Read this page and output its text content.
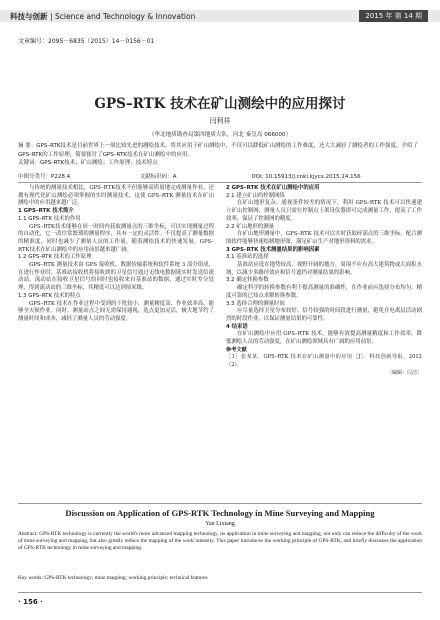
科技与创新 | Science and Technology & Innovation	2015 年 第 14 期
文章编号：2095－6835（2015）14－0156－01
GPS–RTK 技术在矿山测绘中的应用探讨
闫利祥
（华北地质勘查局第四地质大队，河北 秦皇岛 066000）
摘 要：GPS–RTK技术是目前世界上一项比较先进的测绘技术，将其应用于矿山测绘中，不仅可以降低矿山测绘的工作难度，还大大减轻了测绘者的工作强度，介绍了GPS–RTK的工作原理，简要探讨了GPS–RTK技术在矿山测绘中的应用。
关键词：GPS–RTK技术；矿山测绘；工作原理；技术特点
中图分类号：P228.4	文献标识码：A	DOI: 10.15913/j.cnki.kjycx.2015.14.156

与传统的测量技术相比，GPS–RTK技术不但能够高质量地完成测量作业，还拥有现代化矿山测绘必须掌握的实时测量技术。这使 GPS–RTK 测量技术在矿山测绘中的应用越来越广泛。

1 GPS–RTK 技术简介

1.1 GPS–RTK 技术的作用

GPS–RTK技术能够在同一时间内获取测量点的三维坐标，可以实现测量过程的自动化，它一改往常繁琐的测量程序，具有一定的灵活性。不仅提高了测量数据的精准度，同时也减少了测量人员的工作量。随着测绘技术的快速发展，GPS–RTK技术在矿山测绘中的应用前景越来越广阔。

1.2 GPS–RTK 技术的工作原理

GPS–RTK 测量技术由 GPS 接收机、数据传输系统和软件系统 3 部分组成，在进行作业时，基准站接收机将接收到的卫星信号通过无线电数据链实时发送给流动站，流动站在接收卫星信号的同时也接收来自基准站的数据，通过实时差分处理，得到流动站的三维坐标，其精度可以达到厘米级。

1.3 GPS–RTK 技术的特点

GPS–RTK 技术在作业过程中受到的干扰较小，测量精度高、作业效率高，能够全天候作业。同时，测量站点之间无需保持通视，选点更加灵活，极大地节约了测量时间和成本，减轻了测量人员的劳动强度。

2 GPS–RTK 技术在矿山测绘中的应用

2.1 建立矿山的控制网络

在矿山地形复杂、通视条件较差的情况下，利用 GPS–RTK 技术可以快速建立矿山控制网，测量人员只需在控制点上架设仪器即可完成测量工作，提高了工作效率，保证了控制网的精度。

2.2 矿山地形的测量

在矿山地形测量中，GPS–RTK 技术可以实时获取碎部点的三维坐标，配合测图软件能够快速绘制地形图，满足矿山生产对地形资料的需求。

3 GPS–RTK 技术测量结果的影响因素

3.1 基准站的选择

基准站应选在地势较高、视野开阔的地方，周围不应有高大建筑物或大面积水域，以减少多路径效应和信号遮挡对测量结果的影响。

3.2 确定转换参数

确定科学的转换参数有利于提高测量的准确性，在作业前应选择分布均匀、精度可靠的已知点求解转换参数。

3.3 选择合理的测量时间

应尽量选择卫星分布较好、信号较强的时间段进行测量，避免在电离层活动剧烈的时段作业，以保证测量结果的可靠性。

4 结束语

在矿山测绘中应用 GPS–RTK 技术，能够有效提高测量精度和工作效率，降低测绘人员的劳动强度，在矿山测绘领域具有广阔的应用前景。

参考文献

［1］张某某．GPS–RTK 技术在矿山测量中的应用［J］．科技创新导报，2012（2）．

〔编辑：白洁〕
Discussion on Application of GPS-RTK Technology in Mine Surveying and Mapping
Yan Lixiang
Abstract: GPS-RTK technology is currently the world's more advanced mapping technology, its application in mine surveying and mapping, not only can reduce the difficulty of the work of mine surveying and mapping, but also greatly reduce the mapping of the work intensity. This paper introduces the working principle of GPS-RTK, and briefly discusses the application of GPS-RTK technology in mine surveying and mapping.
Key words: GPS-RTK technology; mine mapping; working principle; technical features
· 156 ·
